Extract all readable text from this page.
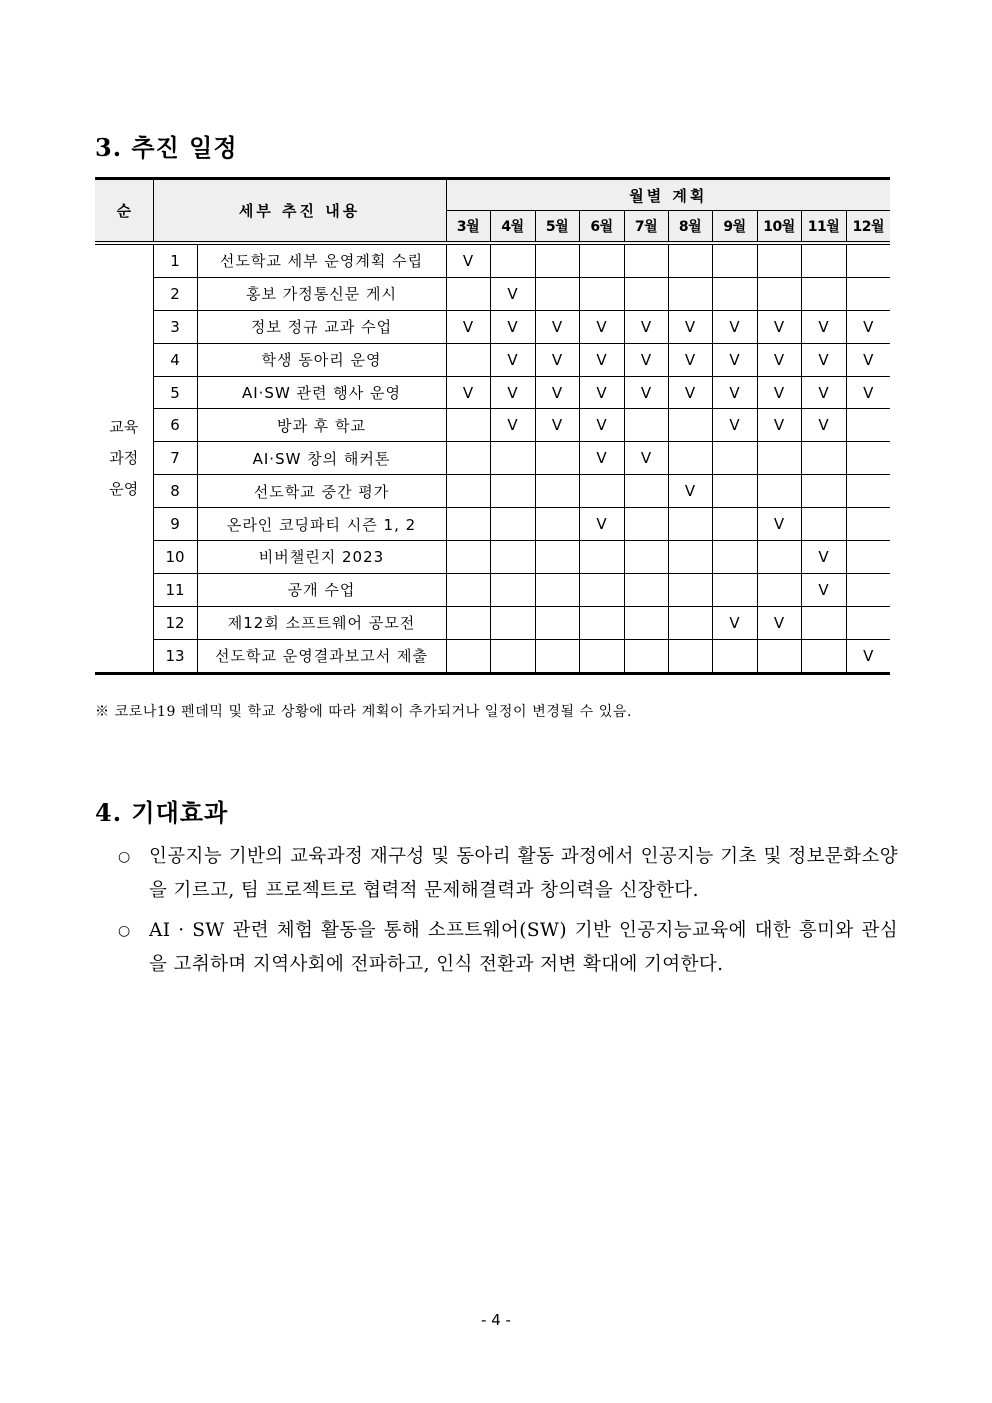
3. 추진 일정
순	세부 추진 내용		월별 계획									
			3월	4월	5월	6월	7월	8월	9월	10월	11월	12월

교육
과정
운영	1	선도학교 세부 운영계획 수립	V									
	2	홍보 가정통신문 게시		V								
	3	정보 정규 교과 수업	V	V	V	V	V	V	V	V	V	V
	4	학생 동아리 운영		V	V	V	V	V	V	V	V	V
	5	AI·SW 관련 행사 운영	V	V	V	V	V	V	V	V	V	V
	6	방과 후 학교		V	V	V			V	V	V	
	7	AI·SW 창의 해커톤				V	V					
	8	선도학교 중간 평가						V				
	9	온라인 코딩파티 시즌 1, 2				V				V		
	10	비버챌린지 2023									V	
	11	공개 수업									V	
	12	제12회 소프트웨어 공모전							V	V		
	13	선도학교 운영결과보고서 제출										V
※ 코로나19 펜데믹 및 학교 상황에 따라 계획이 추가되거나 일정이 변경될 수 있음.
4. 기대효과
○	인공지능 기반의 교육과정 재구성 및 동아리 활동 과정에서 인공지능 기초 및 정보문화소양을 기르고, 팀 프로젝트로 협력적 문제해결력과 창의력을 신장한다.
○	AI · SW 관련 체험 활동을 통해 소프트웨어(SW) 기반 인공지능교육에 대한 흥미와 관심을 고취하며 지역사회에 전파하고, 인식 전환과 저변 확대에 기여한다.
- 4 -
